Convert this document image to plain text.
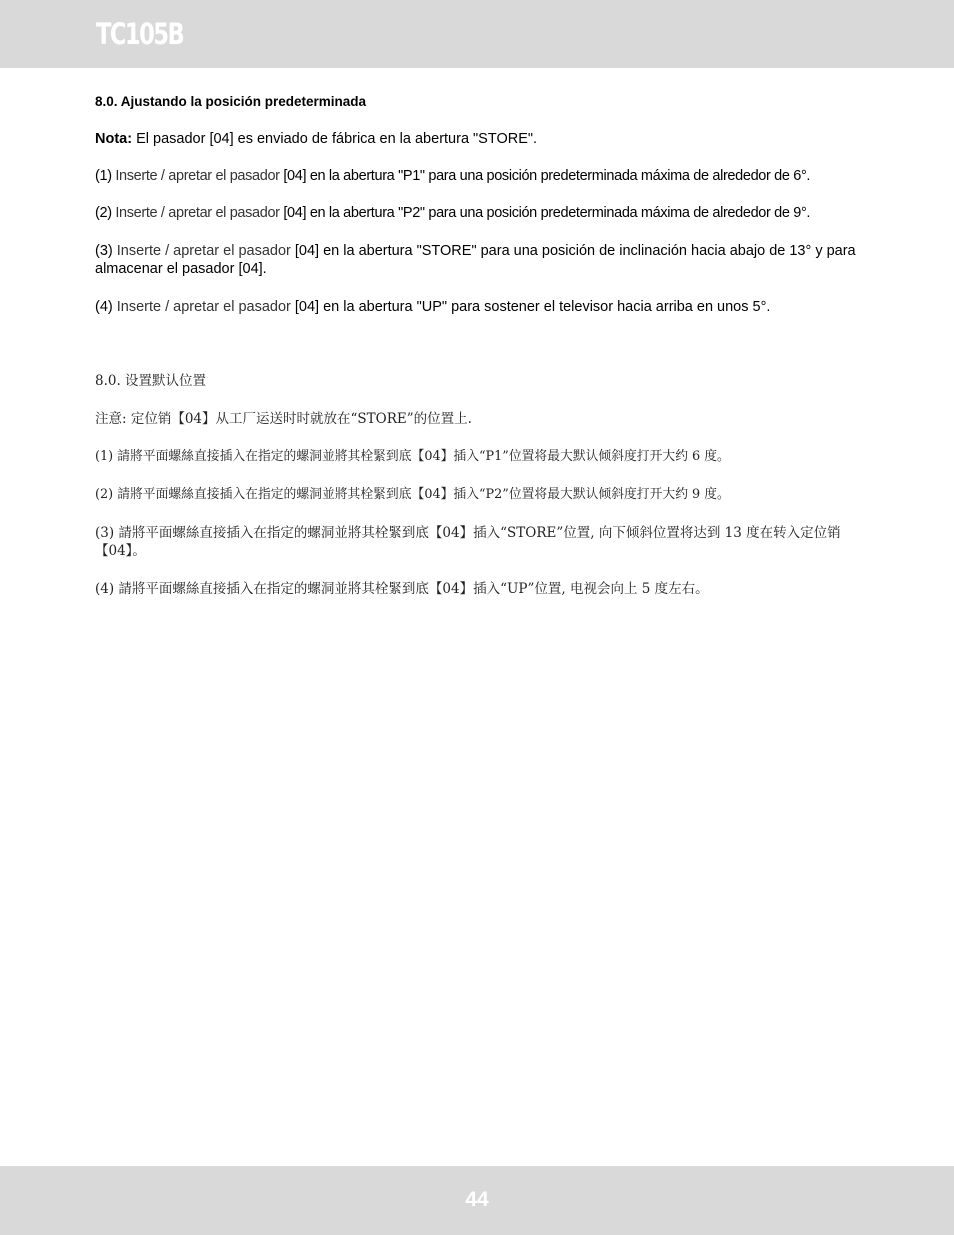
TC105B

8.0. Ajustando la posición predeterminada

Nota: El pasador [04] es enviado de fábrica en la abertura "STORE".

(1) Inserte / apretar el pasador [04] en la abertura "P1" para una posición predeterminada máxima de alrededor de 6°.

(2) Inserte / apretar el pasador [04] en la abertura "P2" para una posición predeterminada máxima de alrededor de 9°.

(3) Inserte / apretar el pasador [04] en la abertura "STORE" para una posición de inclinación hacia abajo de 13° y para almacenar el pasador [04].

(4) Inserte / apretar el pasador [04] en la abertura "UP" para sostener el televisor hacia arriba en unos 5°.

8.0. 设置默认位置

注意: 定位销【04】从工厂运送时时就放在“STORE”的位置上.

(1) 請將平面螺絲直接插入在指定的螺洞並將其栓緊到底【04】插入“P1”位置将最大默认倾斜度打开大约 6 度。

(2) 請將平面螺絲直接插入在指定的螺洞並將其栓緊到底【04】插入“P2”位置将最大默认倾斜度打开大约 9 度。

(3) 請將平面螺絲直接插入在指定的螺洞並將其栓緊到底【04】插入“STORE”位置, 向下倾斜位置将达到 13 度在转入定位销【04】。

(4) 請將平面螺絲直接插入在指定的螺洞並將其栓緊到底【04】插入“UP”位置, 电视会向上 5 度左右。

44
